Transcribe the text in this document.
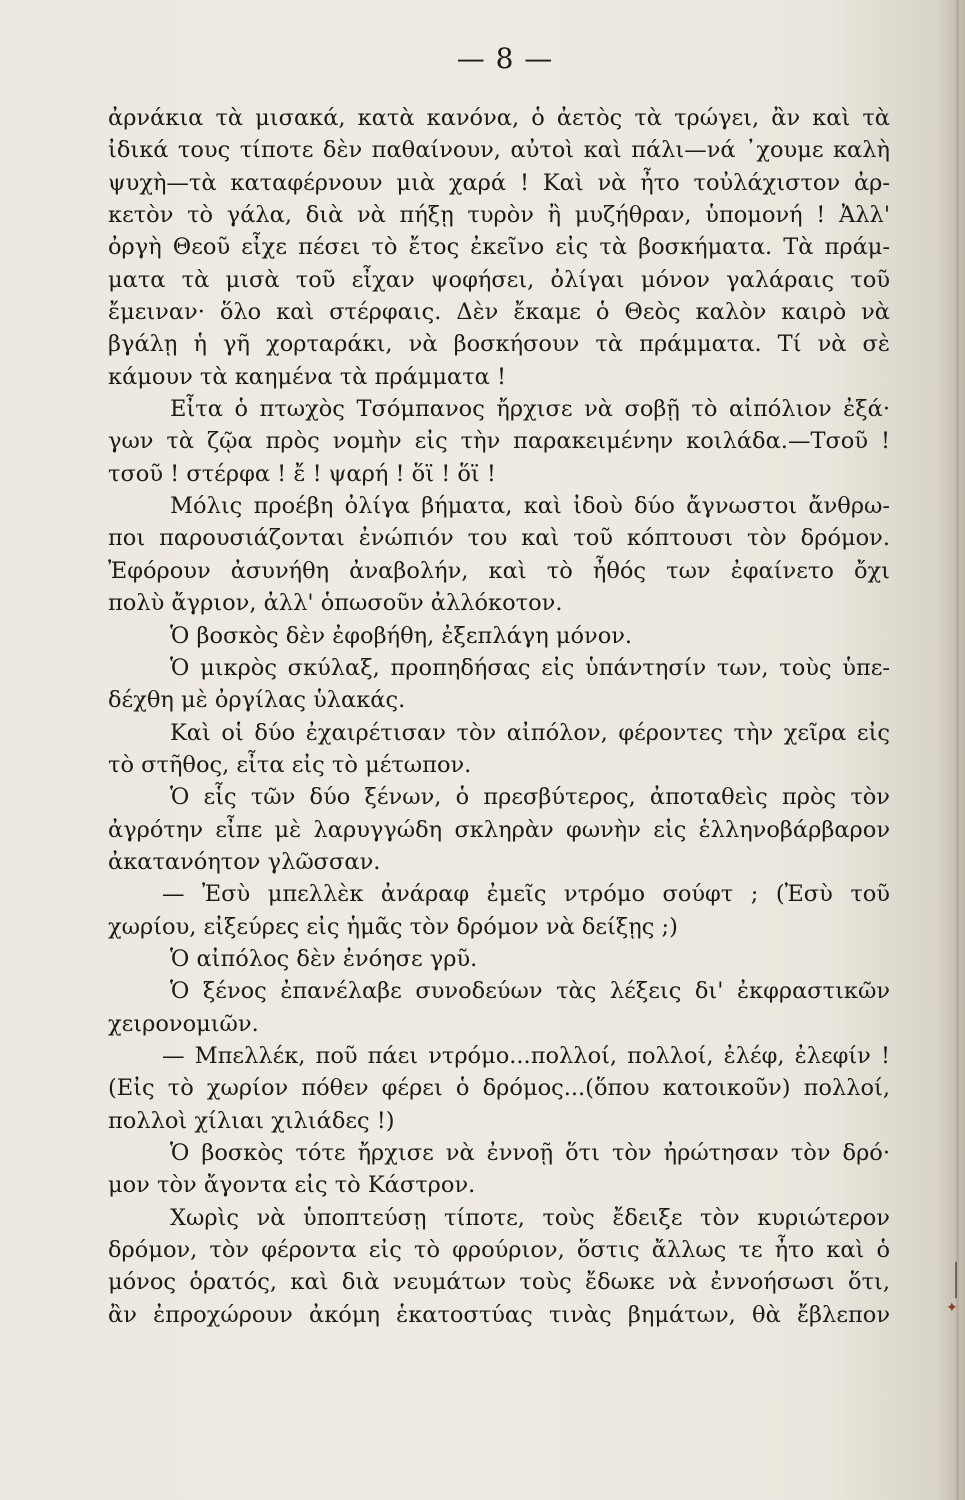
— 8 —
ἀρνάκια τὰ μισακά, κατὰ κανόνα, ὁ ἀετὸς τὰ τρώγει, ἂν καὶ τὰ
ἰδικά τους τίποτε δὲν παθαίνουν, αὐτοὶ καὶ πάλι—νά ᾽χουμε καλὴ
ψυχὴ—τὰ καταφέρνουν μιὰ χαρά ! Καὶ νὰ ἦτο τοὐλάχιστον ἀρ-
κετὸν τὸ γάλα, διὰ νὰ πήξῃ τυρὸν ἢ μυζήθραν, ὑπομονή ! Ἀλλ'
ὀργὴ Θεοῦ εἶχε πέσει τὸ ἔτος ἐκεῖνο εἰς τὰ βοσκήματα. Τὰ πράμ-
ματα τὰ μισὰ τοῦ εἶχαν ψοφήσει, ὀλίγαι μόνον γαλάραις τοῦ
ἔμειναν· ὅλο καὶ στέρφαις. Δὲν ἔκαμε ὁ Θεὸς καλὸν καιρὸ νὰ
βγάλῃ ἡ γῆ χορταράκι, νὰ βοσκήσουν τὰ πράμματα. Τί νὰ σὲ
κάμουν τὰ καημένα τὰ πράμματα !
Εἶτα ὁ πτωχὸς Τσόμπανος ἤρχισε νὰ σοβῇ τὸ αἰπόλιον ἐξά·
γων τὰ ζῷα πρὸς νομὴν εἰς τὴν παρακειμένην κοιλάδα.—Τσοῦ !
τσοῦ ! στέρφα ! ἔ ! ψαρή ! ὅϊ ! ὅϊ !
Μόλις προέβη ὀλίγα βήματα, καὶ ἰδοὺ δύο ἄγνωστοι ἄνθρω-
ποι παρουσιάζονται ἐνώπιόν του καὶ τοῦ κόπτουσι τὸν δρόμον.
Ἐφόρουν ἀσυνήθη ἀναβολήν, καὶ τὸ ἦθός των ἐφαίνετο ὄχι
πολὺ ἄγριον, ἀλλ' ὁπωσοῦν ἀλλόκοτον.
Ὁ βοσκὸς δὲν ἐφοβήθη, ἐξεπλάγη μόνον.
Ὁ μικρὸς σκύλαξ, προπηδήσας εἰς ὑπάντησίν των, τοὺς ὑπε-
δέχθη μὲ ὀργίλας ὑλακάς.
Καὶ οἱ δύο ἐχαιρέτισαν τὸν αἰπόλον, φέροντες τὴν χεῖρα εἰς
τὸ στῆθος, εἶτα εἰς τὸ μέτωπον.
Ὁ εἷς τῶν δύο ξένων, ὁ πρεσβύτερος, ἀποταθεὶς πρὸς τὸν
ἀγρότην εἶπε μὲ λαρυγγώδη σκληρὰν φωνὴν εἰς ἑλληνοβάρβαρον
ἀκατανόητον γλῶσσαν.
— Ἐσὺ μπελλὲκ ἀνάραφ ἐμεῖς ντρόμο σούφτ ; (Ἐσὺ τοῦ
χωρίου, εἰξεύρες εἰς ἡμᾶς τὸν δρόμον νὰ δείξῃς ;)
Ὁ αἰπόλος δὲν ἐνόησε γρῦ.
Ὁ ξένος ἐπανέλαβε συνοδεύων τὰς λέξεις δι' ἐκφραστικῶν
χειρονομιῶν.
— Μπελλέκ, ποῦ πάει ντρόμο...πολλοί, πολλοί, ἐλέφ, ἐλεφίν !
(Εἰς τὸ χωρίον πόθεν φέρει ὁ δρόμος...(ὅπου κατοικοῦν) πολλοί,
πολλοὶ χίλιαι χιλιάδες !)
Ὁ βοσκὸς τότε ἤρχισε νὰ ἐννοῇ ὅτι τὸν ἠρώτησαν τὸν δρό·
μον τὸν ἄγοντα εἰς τὸ Κάστρον.
Χωρὶς νὰ ὑποπτεύσῃ τίποτε, τοὺς ἔδειξε τὸν κυριώτερον
δρόμον, τὸν φέροντα εἰς τὸ φρούριον, ὅστις ἄλλως τε ἦτο καὶ ὁ
μόνος ὁρατός, καὶ διὰ νευμάτων τοὺς ἔδωκε νὰ ἐννοήσωσι ὅτι,
ἂν ἐπροχώρουν ἀκόμη ἑκατοστύας τινὰς βημάτων, θὰ ἔβλεπον	✦
